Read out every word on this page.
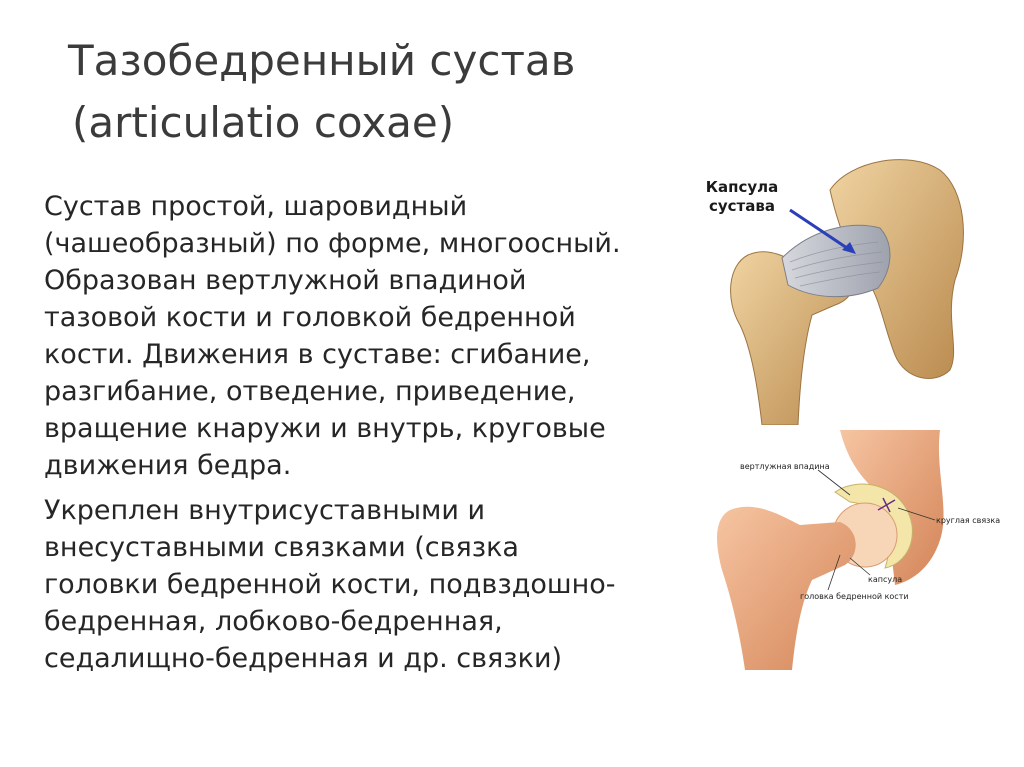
Тазобедренный сустав
(articulatio coxae)

Сустав простой, шаровидный
(чашеобразный) по форме, многоосный.
Образован вертлужной впадиной
тазовой кости и головкой бедренной
кости. Движения в суставе: сгибание,
разгибание, отведение, приведение,
вращение кнаружи и внутрь, круговые
движения бедра.

Укреплен внутрисуставными и
внесуставными связками (связка
головки бедренной кости, подвздошно-
бедренная, лобково-бедренная,
седалищно-бедренная и др. связки)

Капсула
сустава
вертлужная впадина
круглая связка
капсула
головка бедренной кости
